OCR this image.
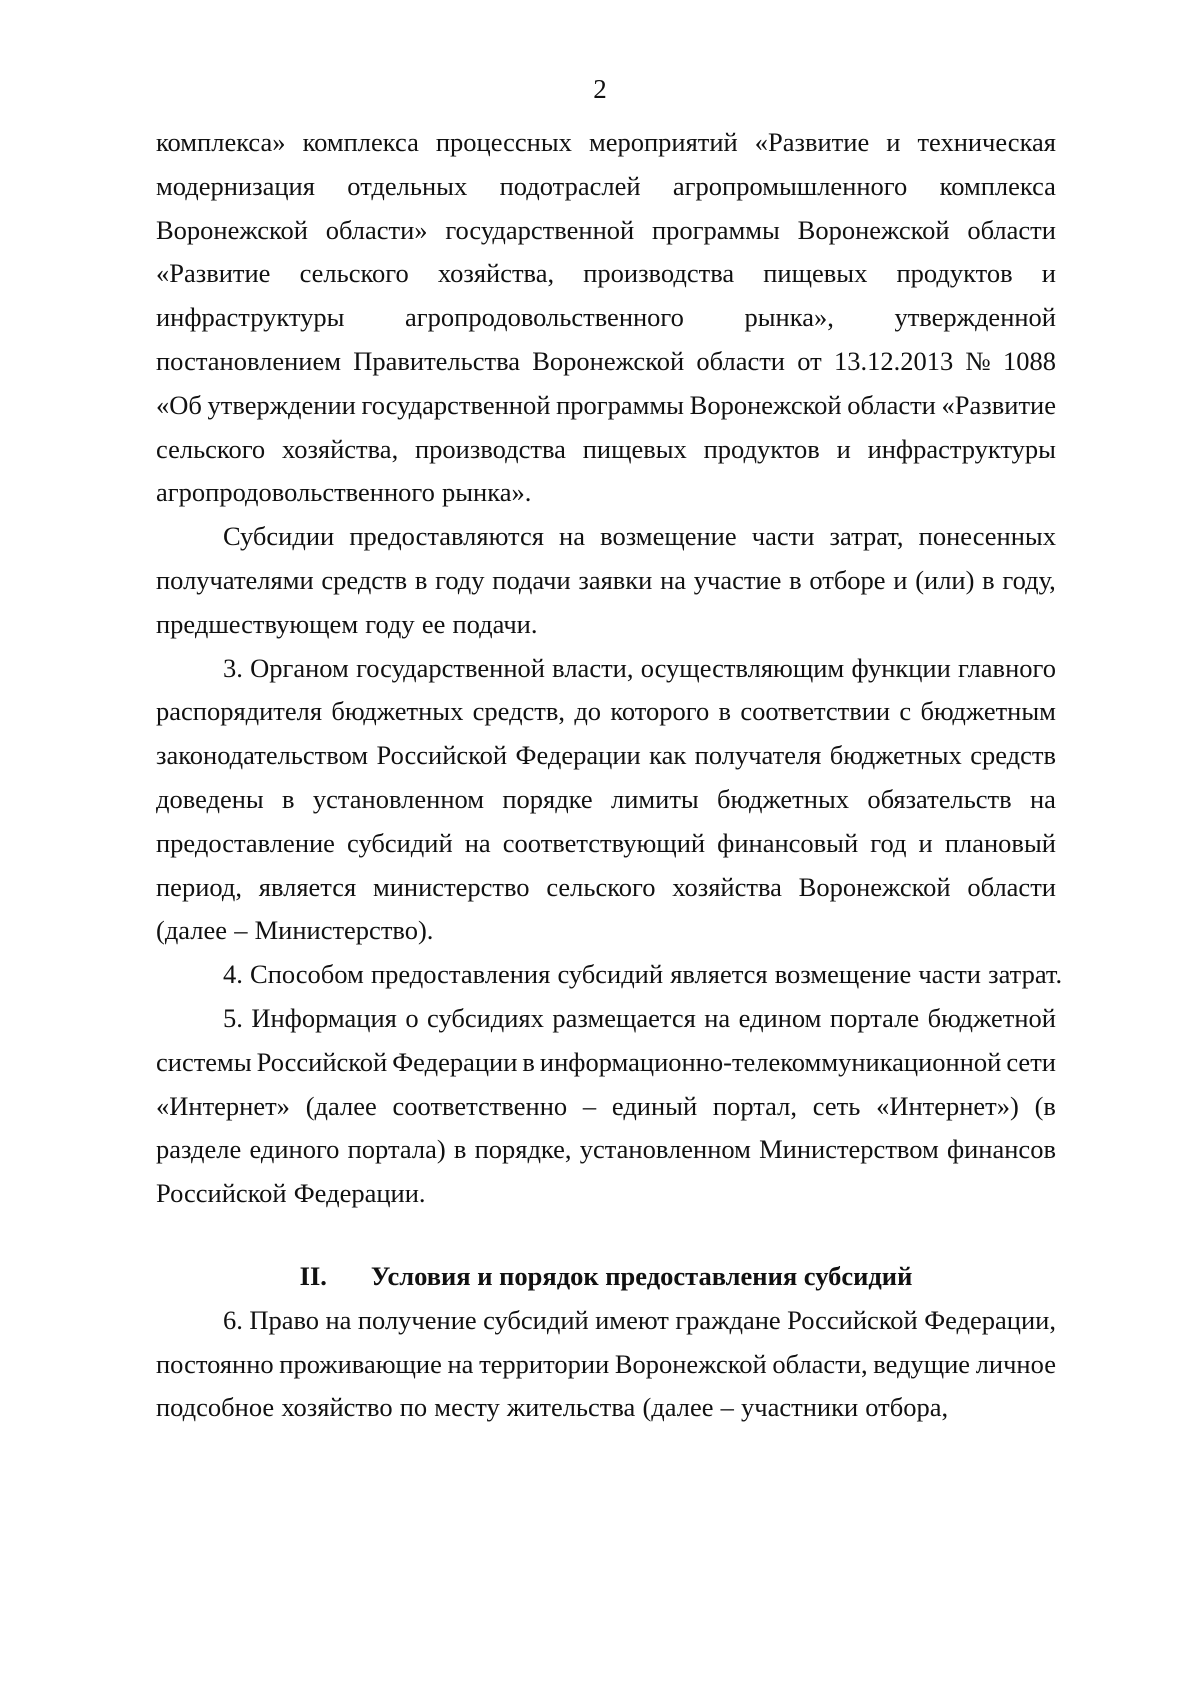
2
комплекса» комплекса процессных мероприятий «Развитие и техническая
модернизация отдельных подотраслей агропромышленного комплекса
Воронежской области» государственной программы Воронежской области
«Развитие сельского хозяйства, производства пищевых продуктов и
инфраструктуры агропродовольственного рынка», утвержденной
постановлением Правительства Воронежской области от 13.12.2013 № 1088
«Об утверждении государственной программы Воронежской области «Развитие
сельского хозяйства, производства пищевых продуктов и инфраструктуры
агропродовольственного рынка».
Субсидии предоставляются на возмещение части затрат, понесенных
получателями средств в году подачи заявки на участие в отборе и (или) в году,
предшествующем году ее подачи.
3. Органом государственной власти, осуществляющим функции главного
распорядителя бюджетных средств, до которого в соответствии с бюджетным
законодательством Российской Федерации как получателя бюджетных средств
доведены в установленном порядке лимиты бюджетных обязательств на
предоставление субсидий на соответствующий финансовый год и плановый
период, является министерство сельского хозяйства Воронежской области
(далее – Министерство).
4. Способом предоставления субсидий является возмещение части затрат.
5. Информация о субсидиях размещается на едином портале бюджетной
системы Российской Федерации в информационно-телекоммуникационной сети
«Интернет» (далее соответственно – единый портал, сеть «Интернет») (в
разделе единого портала) в порядке, установленном Министерством финансов
Российской Федерации.
II. Условия и порядок предоставления субсидий
6. Право на получение субсидий имеют граждане Российской Федерации,
постоянно проживающие на территории Воронежской области, ведущие личное
подсобное хозяйство по месту жительства (далее – участники отбора,
